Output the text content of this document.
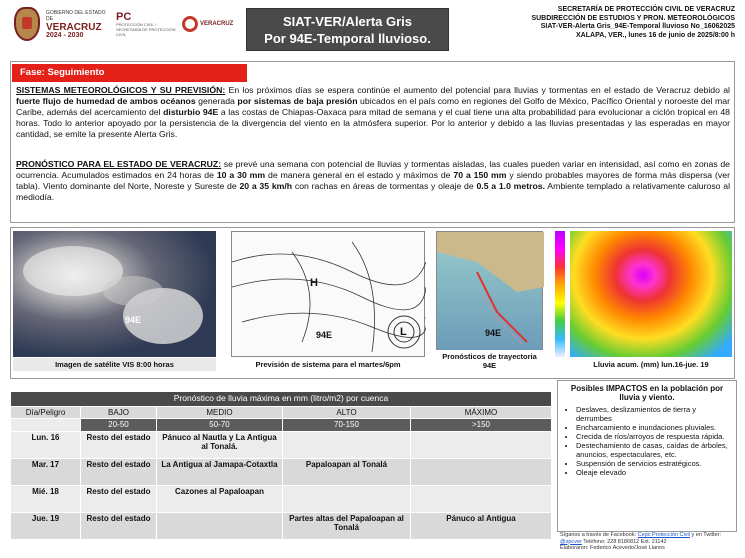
GOBIERNO DEL ESTADO DE
VERACRUZ
2024 - 2030
PC
PROTECCIÓN CIVIL / SECRETARÍA DE PROTECCIÓN CIVIL
VERACRUZ	SIAT-VER/Alerta Gris
Por 94E-Temporal lluvioso.
SECRETARÍA DE PROTECCIÓN CIVIL DE VERACRUZ
SUBDIRECCIÓN DE ESTUDIOS Y PRON. METEOROLÓGICOS
SIAT-VER-Alerta Gris_94E-Temporal lluvioso No_16062025
XALAPA, VER., lunes 16 de junio de 2025/8:00 h
Fase: Seguimiento
SISTEMAS METEOROLÓGICOS Y SU PREVISIÓN: En los próximos días se espera continúe el aumento del potencial para lluvias y tormentas en el estado de Veracruz debido al fuerte flujo de humedad de ambos océanos generada por sistemas de baja presión ubicados en el país como en regiones del Golfo de México, Pacífico Oriental y noroeste del mar Caribe, además del acercamiento del disturbio 94E a las costas de Chiapas-Oaxaca para mitad de semana y el cual tiene una alta probabilidad para evolucionar a ciclón tropical en 48 horas. Todo lo anterior apoyado por la persistencia de la divergencia del viento en la atmósfera superior. Por lo anterior y debido a las lluvias presentadas y las esperadas en mayor cantidad, se emite la presente Alerta Gris.
PRONÓSTICO PARA EL ESTADO DE VERACRUZ: se prevé una semana con potencial de lluvias y tormentas aisladas, las cuales pueden variar en intensidad, así como en zonas de ocurrencia. Acumulados estimados en 24 horas de 10 a 30 mm de manera general en el estado y máximos de 70 a 150 mm y siendo probables mayores de forma más dispersa (ver tabla). Viento dominante del Norte, Noreste y Sureste de 20 a 35 km/h con rachas en áreas de tormentas y oleaje de 0.5 a 1.0 metros. Ambiente templado a relativamente caluroso al mediodía.
94E
Imagen de satélite VIS 8:00 horas
H
94E	L
Previsión de sistema para el martes/6pm
94E
Pronósticos de trayectoria 94E	Lluvia acum. (mm) lun.16-jue. 19
Pronóstico de lluvia máxima en mm (litro/m2) por cuenca				
Día/Peligro	BAJO	MEDIO	ALTO	MÁXIMO
	20-50	50-70	70-150	>150
Lun. 16	Resto del estado	Pánuco al Nautla y La Antigua al Tonalá.		
Mar. 17	Resto del estado	La Antigua al Jamapa-Cotaxtla	Papaloapan al Tonalá	
Mié. 18	Resto del estado	Cazones al Papaloapan		
Jue. 19	Resto del estado		Partes altas del Papaloapan al Tonalá	Pánuco al Antigua
Posibles IMPACTOS en la población por lluvia y viento.
• Deslaves, deslizamientos de tierra y derrumbes
• Encharcamiento e inundaciones pluviales.
• Crecida de ríos/arroyos de respuesta rápida.
• Destechamiento de casas, caídas de árboles, anuncios, espectaculares, etc.
• Suspensión de servicios estratégicos.
• Oleaje elevado
Síganos a través de Facebook: Cepc Protección Civil y en Twitter: @spcver Teléfono: 228 8186812 Ext. 21142
Elaboraron: Federico Acevedo/José Llanos
